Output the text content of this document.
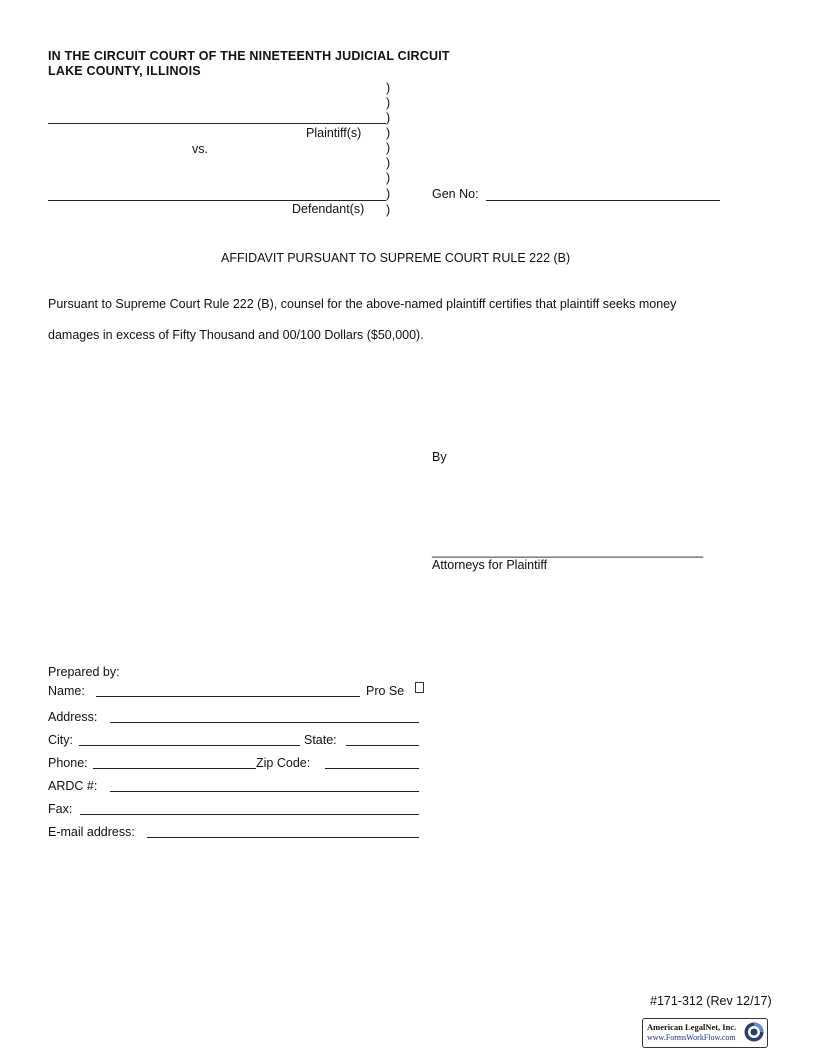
IN THE CIRCUIT COURT OF THE NINETEENTH JUDICIAL CIRCUIT
LAKE COUNTY, ILLINOIS
)
)
)
)
)
)
)
)
)
Plaintiff(s)
vs.
Defendant(s)
Gen No:
AFFIDAVIT PURSUANT TO SUPREME COURT RULE 222 (B)
Pursuant to Supreme Court Rule 222 (B), counsel for the above-named plaintiff certifies that plaintiff seeks money
damages in excess of Fifty Thousand and 00/100 Dollars ($50,000).
By
_______________________________________
Attorneys for Plaintiff
Prepared by:
Name:	Pro Se
Address:
City:	State:
Phone:	Zip Code:
ARDC #:
Fax:
E-mail address:
#171-312 (Rev 12/17)
American LegalNet, Inc.
www.FormsWorkFlow.com
